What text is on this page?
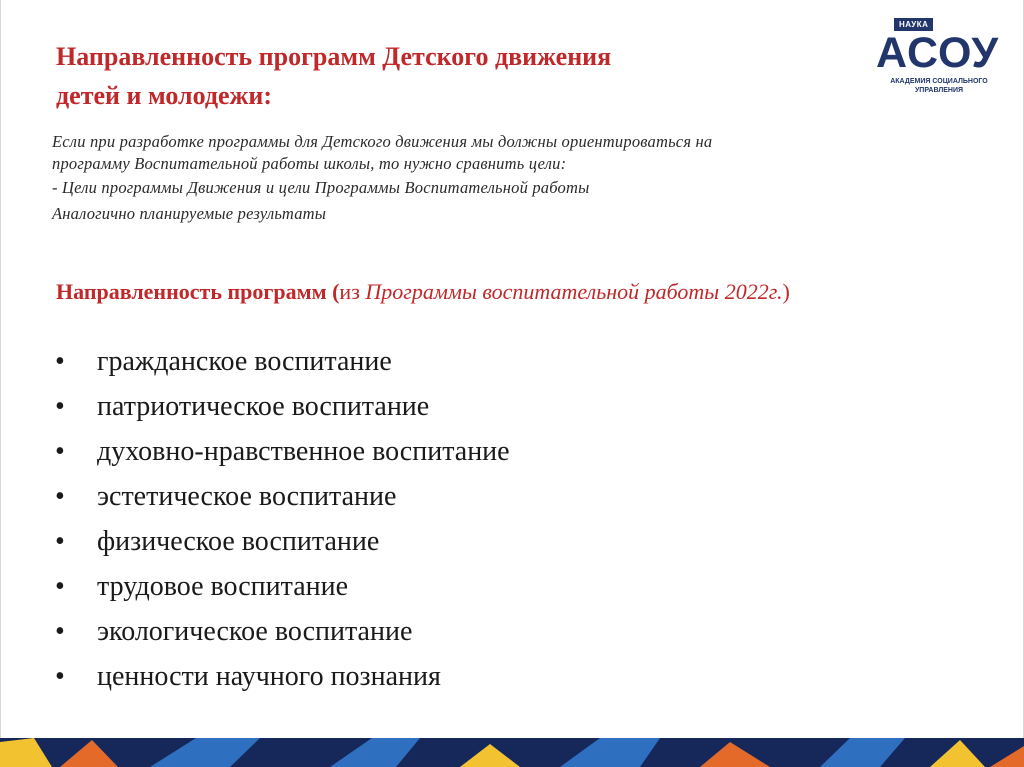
Направленность программ Детского движения
детей и молодежи:
НАУКА
АСОУ
АКАДЕМИЯ СОЦИАЛЬНОГО
УПРАВЛЕНИЯ

Если при разработке программы для Детского движения мы должны ориентироваться на

программу Воспитательной работы школы, то нужно сравнить цели:

- Цели программы Движения и цели Программы Воспитательной работы

Аналогично планируемые результаты

Направленность программ (из Программы воспитательной работы 2022г.)
• гражданское воспитание
• патриотическое воспитание
• духовно-нравственное воспитание
• эстетическое воспитание
• физическое воспитание
• трудовое воспитание
• экологическое воспитание
• ценности научного познания
